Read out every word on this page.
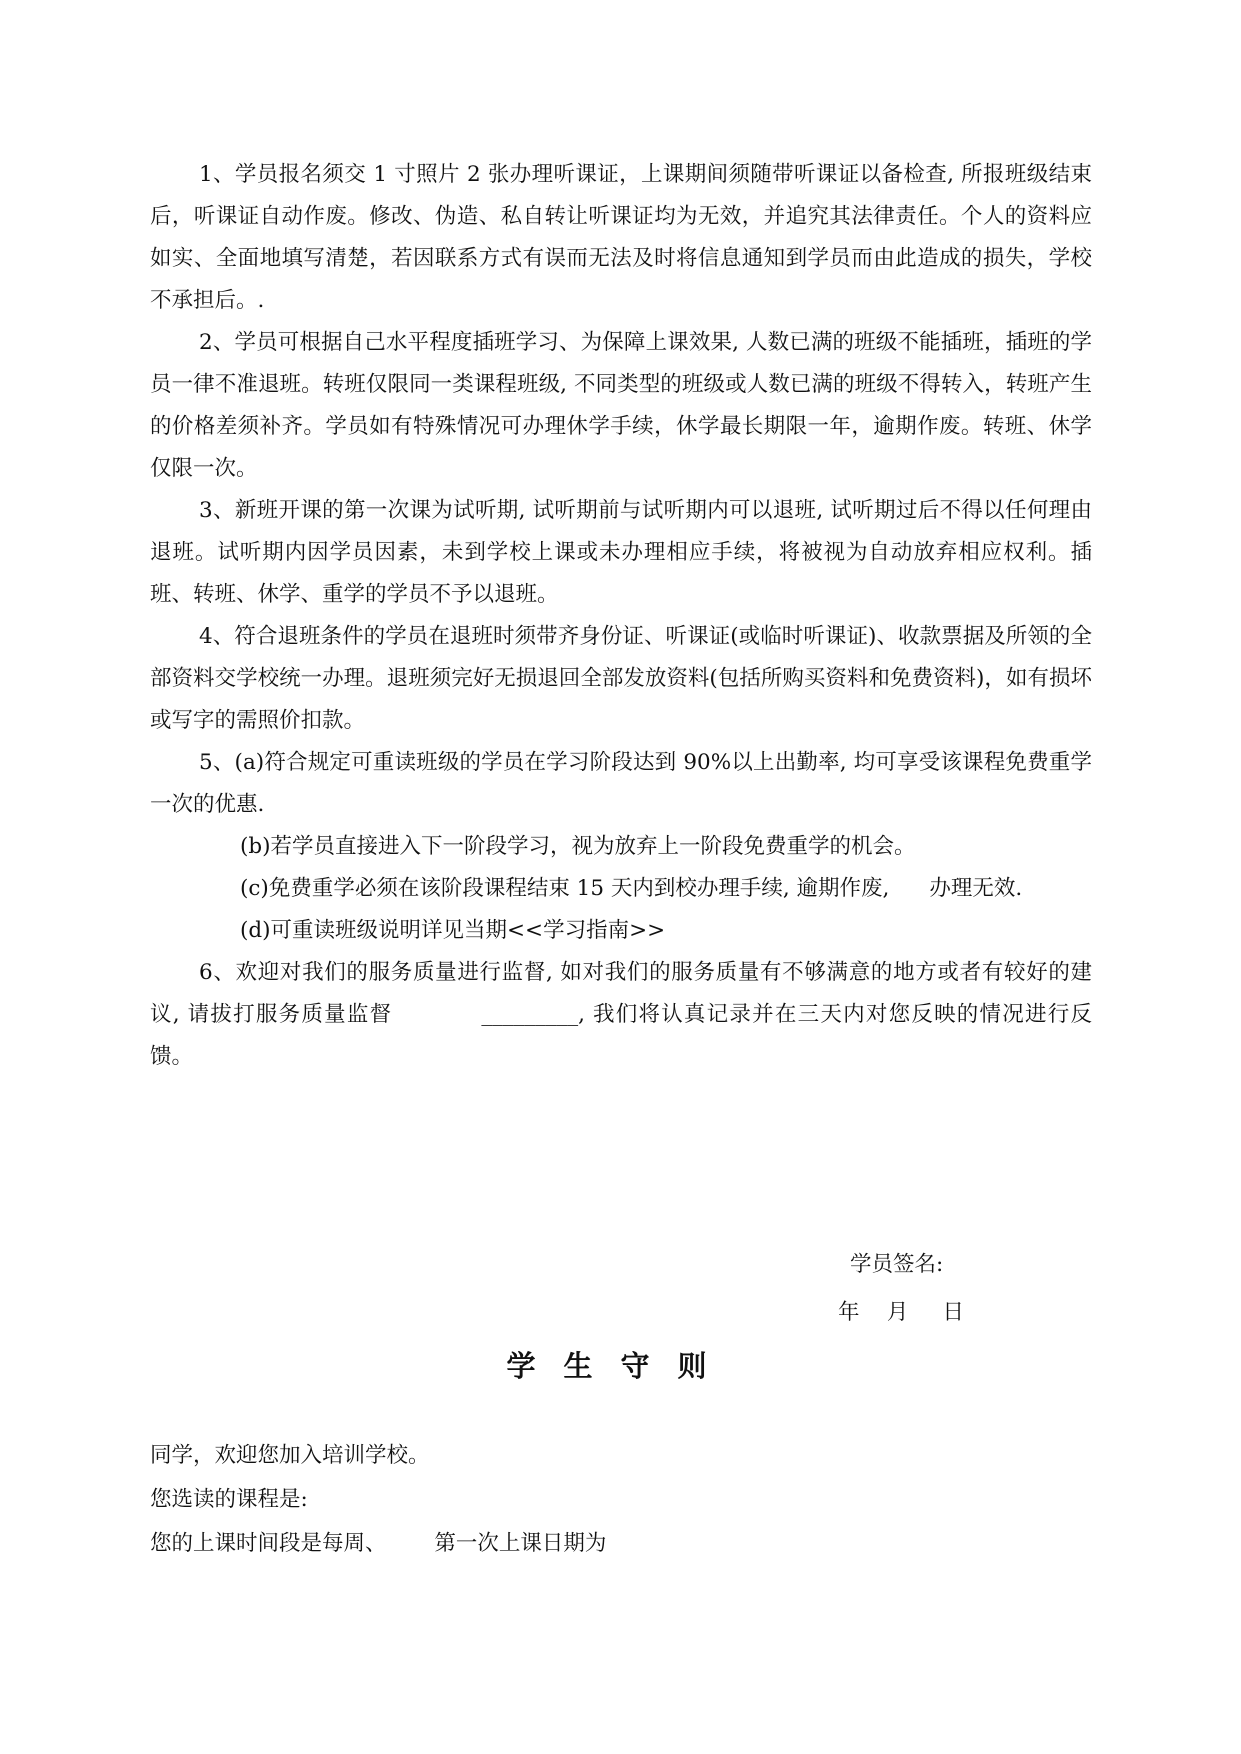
1、学员报名须交 1 寸照片 2 张办理听课证，上课期间须随带听课证以备检查, 所报班级结束后，听课证自动作废。修改、伪造、私自转让听课证均为无效，并追究其法律责任。个人的资料应如实、全面地填写清楚，若因联系方式有误而无法及时将信息通知到学员而由此造成的损失，学校不承担后。.

2、学员可根据自己水平程度插班学习、为保障上课效果, 人数已满的班级不能插班，插班的学员一律不准退班。转班仅限同一类课程班级, 不同类型的班级或人数已满的班级不得转入，转班产生的价格差须补齐。学员如有特殊情况可办理休学手续，休学最长期限一年，逾期作废。转班、休学仅限一次。

3、新班开课的第一次课为试听期, 试听期前与试听期内可以退班, 试听期过后不得以任何理由退班。试听期内因学员因素，未到学校上课或未办理相应手续，将被视为自动放弃相应权利。插班、转班、休学、重学的学员不予以退班。

4、符合退班条件的学员在退班时须带齐身份证、听课证(或临时听课证)、收款票据及所领的全部资料交学校统一办理。退班须完好无损退回全部发放资料(包括所购买资料和免费资料)，如有损坏或写字的需照价扣款。

5、(a)符合规定可重读班级的学员在学习阶段达到 90%以上出勤率, 均可享受该课程免费重学一次的优惠.

(b)若学员直接进入下一阶段学习，视为放弃上一阶段免费重学的机会。

(c)免费重学必须在该阶段课程结束 15 天内到校办理手续, 逾期作废, 办理无效.

(d)可重读班级说明详见当期<<学习指南>>

6、欢迎对我们的服务质量进行监督, 如对我们的服务质量有不够满意的地方或者有较好的建议, 请拔打服务质量监督	_________, 我们将认真记录并在三天内对您反映的情况进行反馈。

学员签名:
年    月     日
学生守则
同学，欢迎您加入培训学校。
您选读的课程是:
您的上课时间段是每周、       第一次上课日期为
